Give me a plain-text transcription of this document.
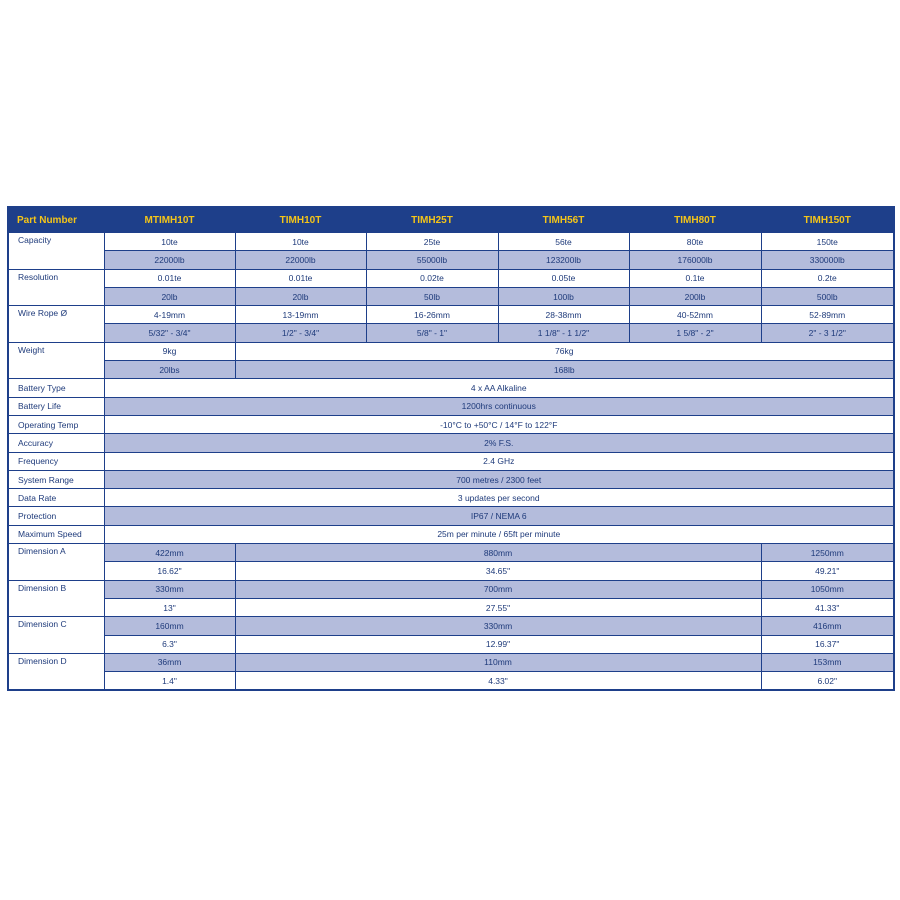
Part Number	MTIMH10T	TIMH10T	TIMH25T	TIMH56T	TIMH80T	TIMH150T
Capacity	10te	10te	25te	56te	80te	150te
	22000lb	22000lb	55000lb	123200lb	176000lb	330000lb
Resolution	0.01te	0.01te	0.02te	0.05te	0.1te	0.2te
	20lb	20lb	50lb	100lb	200lb	500lb
Wire Rope Ø	4-19mm	13-19mm	16-26mm	28-38mm	40-52mm	52-89mm
	5/32" - 3/4"	1/2" - 3/4"	5/8" - 1"	1 1/8" - 1 1/2"	1 5/8" - 2"	2" - 3 1/2"
Weight	9kg	76kg				
	20lbs	168lb				
Battery Type	4 x AA Alkaline					
Battery Life	1200hrs continuous					
Operating Temp	-10°C to +50°C / 14°F to 122°F					
Accuracy	2% F.S.					
Frequency	2.4 GHz					
System Range	700 metres / 2300 feet					
Data Rate	3 updates per second					
Protection	IP67 / NEMA 6					
Maximum Speed	25m per minute / 65ft per minute					
Dimension A	422mm	880mm				1250mm
	16.62"	34.65"				49.21"
Dimension B	330mm	700mm				1050mm
	13"	27.55"				41.33"
Dimension C	160mm	330mm				416mm
	6.3"	12.99"				16.37"
Dimension D	36mm	110mm				153mm
	1.4"	4.33"				6.02"
